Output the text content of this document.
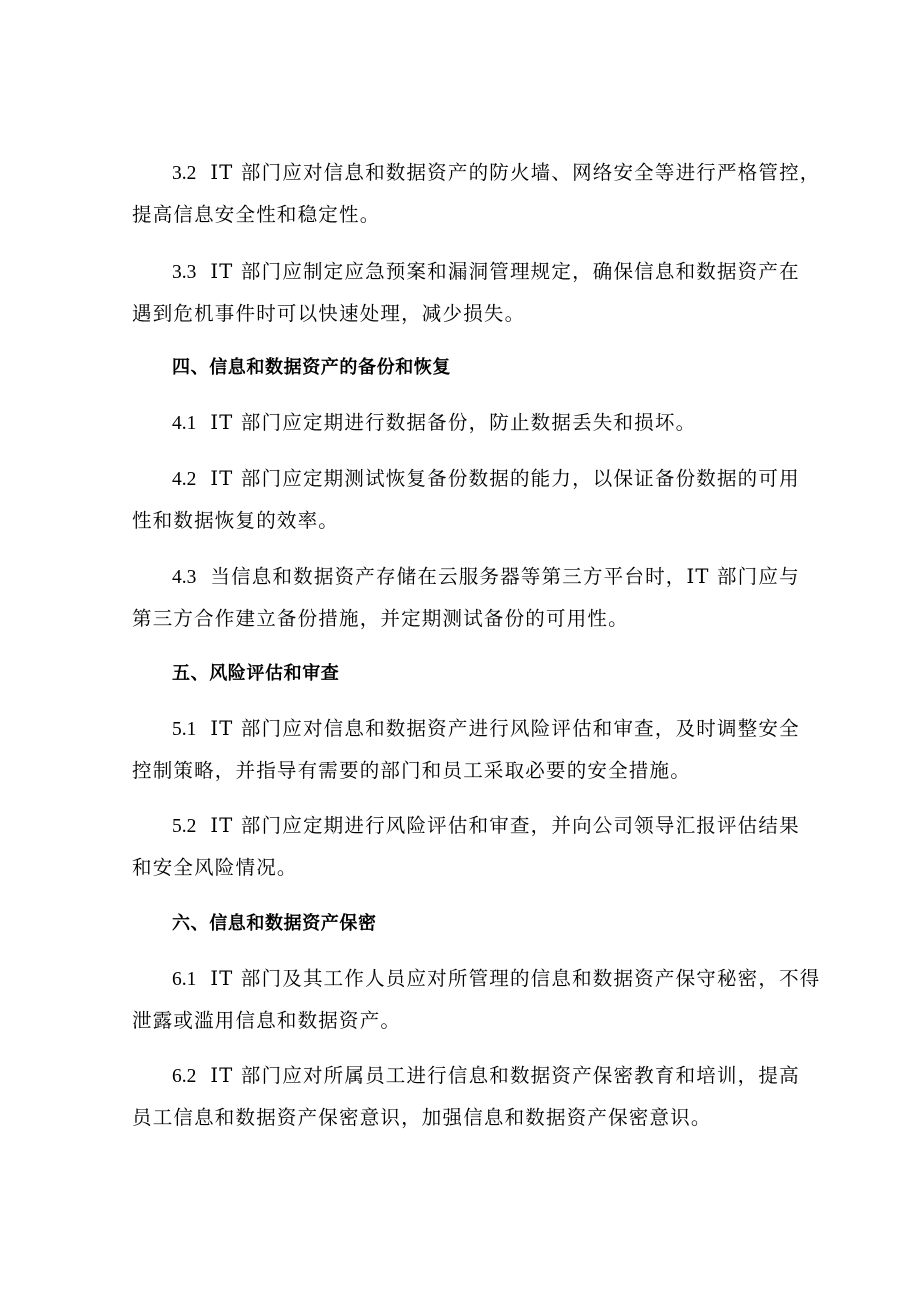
3.2 IT 部门应对信息和数据资产的防火墙、网络安全等进行严格管控，
提高信息安全性和稳定性。
3.3 IT 部门应制定应急预案和漏洞管理规定，确保信息和数据资产在
遇到危机事件时可以快速处理，减少损失。
四、信息和数据资产的备份和恢复
4.1 IT 部门应定期进行数据备份，防止数据丢失和损坏。
4.2 IT 部门应定期测试恢复备份数据的能力，以保证备份数据的可用
性和数据恢复的效率。
4.3 当信息和数据资产存储在云服务器等第三方平台时，IT 部门应与
第三方合作建立备份措施，并定期测试备份的可用性。
五、风险评估和审查
5.1 IT 部门应对信息和数据资产进行风险评估和审查，及时调整安全
控制策略，并指导有需要的部门和员工采取必要的安全措施。
5.2 IT 部门应定期进行风险评估和审查，并向公司领导汇报评估结果
和安全风险情况。
六、信息和数据资产保密
6.1 IT 部门及其工作人员应对所管理的信息和数据资产保守秘密，不得
泄露或滥用信息和数据资产。
6.2 IT 部门应对所属员工进行信息和数据资产保密教育和培训，提高
员工信息和数据资产保密意识，加强信息和数据资产保密意识。
